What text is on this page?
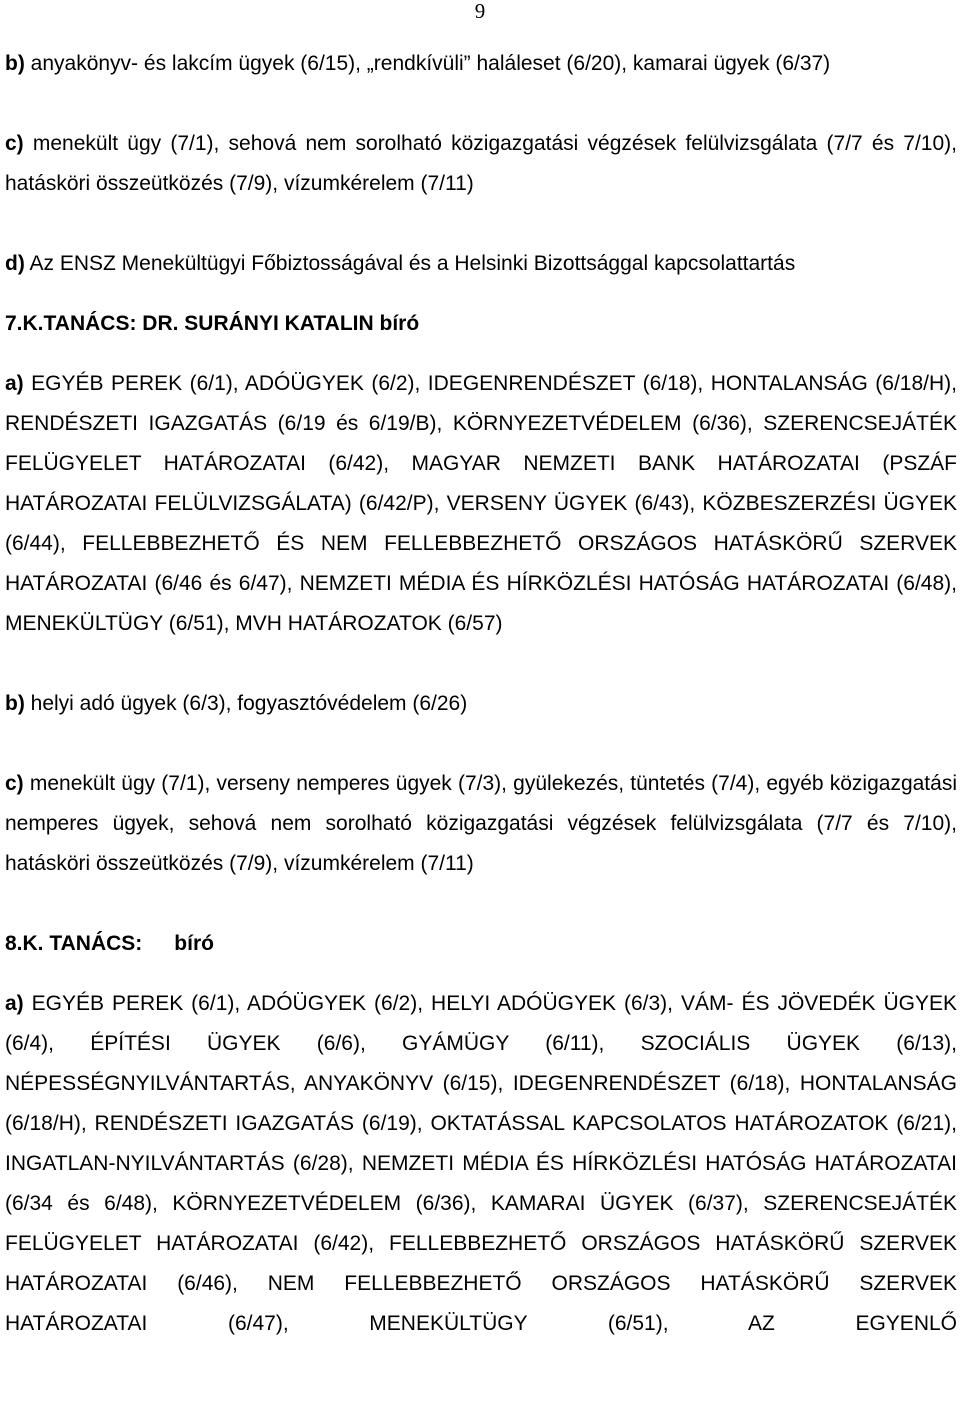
9

b) anyakönyv- és lakcím ügyek (6/15), „rendkívüli” haláleset (6/20), kamarai ügyek (6/37)

c) menekült ügy (7/1), sehová nem sorolható közigazgatási végzések felülvizsgálata (7/7 és 7/10), hatásköri összeütközés (7/9), vízumkérelem (7/11)

d) Az ENSZ Menekültügyi Főbiztosságával és a Helsinki Bizottsággal kapcsolattartás

7.K.TANÁCS: DR. SURÁNYI KATALIN bíró

a) EGYÉB PEREK (6/1), ADÓÜGYEK (6/2), IDEGENRENDÉSZET (6/18), HONTALANSÁG (6/18/H), RENDÉSZETI IGAZGATÁS (6/19 és 6/19/B), KÖRNYEZETVÉDELEM (6/36), SZERENCSEJÁTÉK FELÜGYELET HATÁROZATAI (6/42), MAGYAR NEMZETI BANK HATÁROZATAI (PSZÁF HATÁROZATAI FELÜLVIZSGÁLATA) (6/42/P), VERSENY ÜGYEK (6/43), KÖZBESZERZÉSI ÜGYEK (6/44), FELLEBBEZHETŐ ÉS NEM FELLEBBEZHETŐ ORSZÁGOS HATÁSKÖRŰ SZERVEK HATÁROZATAI (6/46 és 6/47), NEMZETI MÉDIA ÉS HÍRKÖZLÉSI HATÓSÁG HATÁROZATAI (6/48), MENEKÜLTÜGY (6/51), MVH HATÁROZATOK (6/57)

b) helyi adó ügyek (6/3), fogyasztóvédelem (6/26)

c) menekült ügy (7/1), verseny nemperes ügyek (7/3), gyülekezés, tüntetés (7/4), egyéb közigazgatási nemperes ügyek, sehová nem sorolható közigazgatási végzések felülvizsgálata (7/7 és 7/10), hatásköri összeütközés (7/9), vízumkérelem (7/11)

8.K. TANÁCS: bíró

a) EGYÉB PEREK (6/1), ADÓÜGYEK (6/2), HELYI ADÓÜGYEK (6/3), VÁM- ÉS JÖVEDÉK ÜGYEK (6/4), ÉPÍTÉSI ÜGYEK (6/6), GYÁMÜGY (6/11), SZOCIÁLIS ÜGYEK (6/13), NÉPESSÉGNYILVÁNTARTÁS, ANYAKÖNYV (6/15), IDEGENRENDÉSZET (6/18), HONTALANSÁG (6/18/H), RENDÉSZETI IGAZGATÁS (6/19), OKTATÁSSAL KAPCSOLATOS HATÁROZATOK (6/21), INGATLAN-NYILVÁNTARTÁS (6/28), NEMZETI MÉDIA ÉS HÍRKÖZLÉSI HATÓSÁG HATÁROZATAI (6/34 és 6/48), KÖRNYEZETVÉDELEM (6/36), KAMARAI ÜGYEK (6/37), SZERENCSEJÁTÉK FELÜGYELET HATÁROZATAI (6/42), FELLEBBEZHETŐ ORSZÁGOS HATÁSKÖRŰ SZERVEK HATÁROZATAI (6/46), NEM FELLEBBEZHETŐ ORSZÁGOS HATÁSKÖRŰ SZERVEK HATÁROZATAI (6/47), MENEKÜLTÜGY (6/51), AZ EGYENLŐ
